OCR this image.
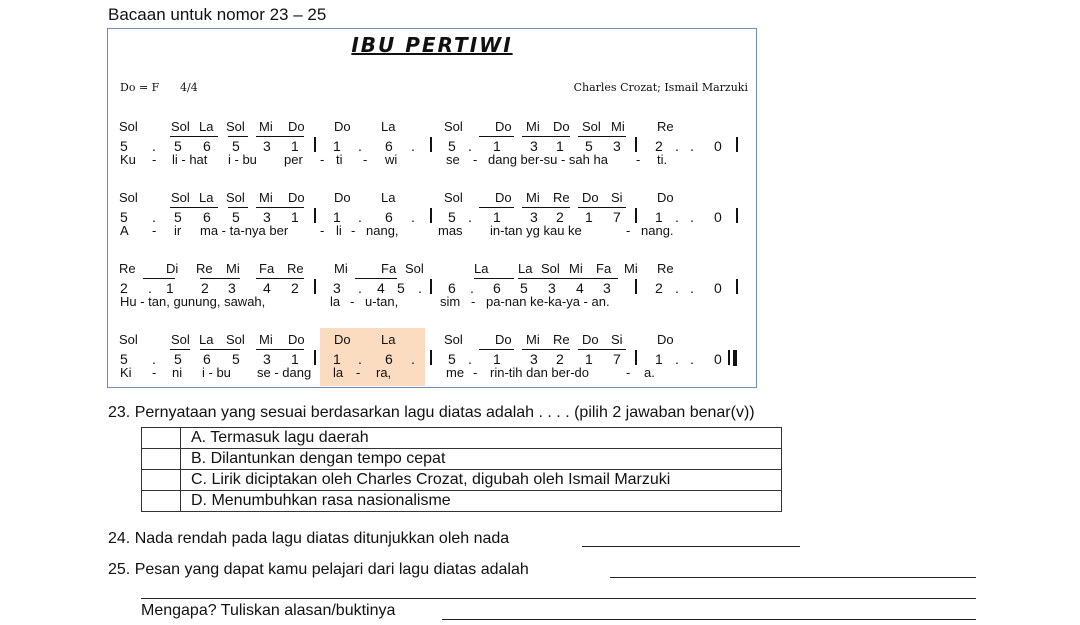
Bacaan untuk nomor 23 – 25
IBU PERTIWI
Do = F 4/4	Charles Crozat; Ismail Marzuki
Sol	Sol La Sol Mi Do Do La	Sol Do Mi Do Sol Mi Re
5 . 5 6 5 3 1 1 . 6 . 5 . 1 3 1 5 3 2 . . 0
Ku - li - hat i - bu per - ti - wi	se - dang ber-su - sah ha - ti.
Sol	Sol La Sol Mi Do Do La	Sol Do Mi Re Do Si	Do
5 . 5 6 5 3 1 1 . 6 . 5 . 1 3 2 1 7 1 . . 0
A - ir ma - ta-nya ber - li - nang,	mas in-tan yg kau ke	- nang.
Re Di Re Mi Fa Re Mi	Fa Sol	La La Sol Mi Fa Mi Re
2 . 1 2 3 4 2 3 . 4 5 . 6 . 6 5 3 4 3	2 . . 0
Hu - tan, gunung, sawah,	la - u-tan,	sim - pa-nan ke-ka-ya - an.
Sol	Sol La Sol Mi Do Do La	Sol Do Mi Re Do Si	Do
5 . 5 6 5 3 1 1 . 6 . 5 . 1 3 2 1 7 1 . . 0
Ki - ni i - bu se - dang la - ra,	me - rin-tih dan ber-do	- a.
23. Pernyataan yang sesuai berdasarkan lagu diatas adalah . . . . (pilih 2 jawaban benar(v))
	A. Termasuk lagu daerah
	B. Dilantunkan dengan tempo cepat
	C. Lirik diciptakan oleh Charles Crozat, digubah oleh Ismail Marzuki
	D. Menumbuhkan rasa nasionalisme
24. Nada rendah pada lagu diatas ditunjukkan oleh nada
25. Pesan yang dapat kamu pelajari dari lagu diatas adalah
Mengapa? Tuliskan alasan/buktinya
